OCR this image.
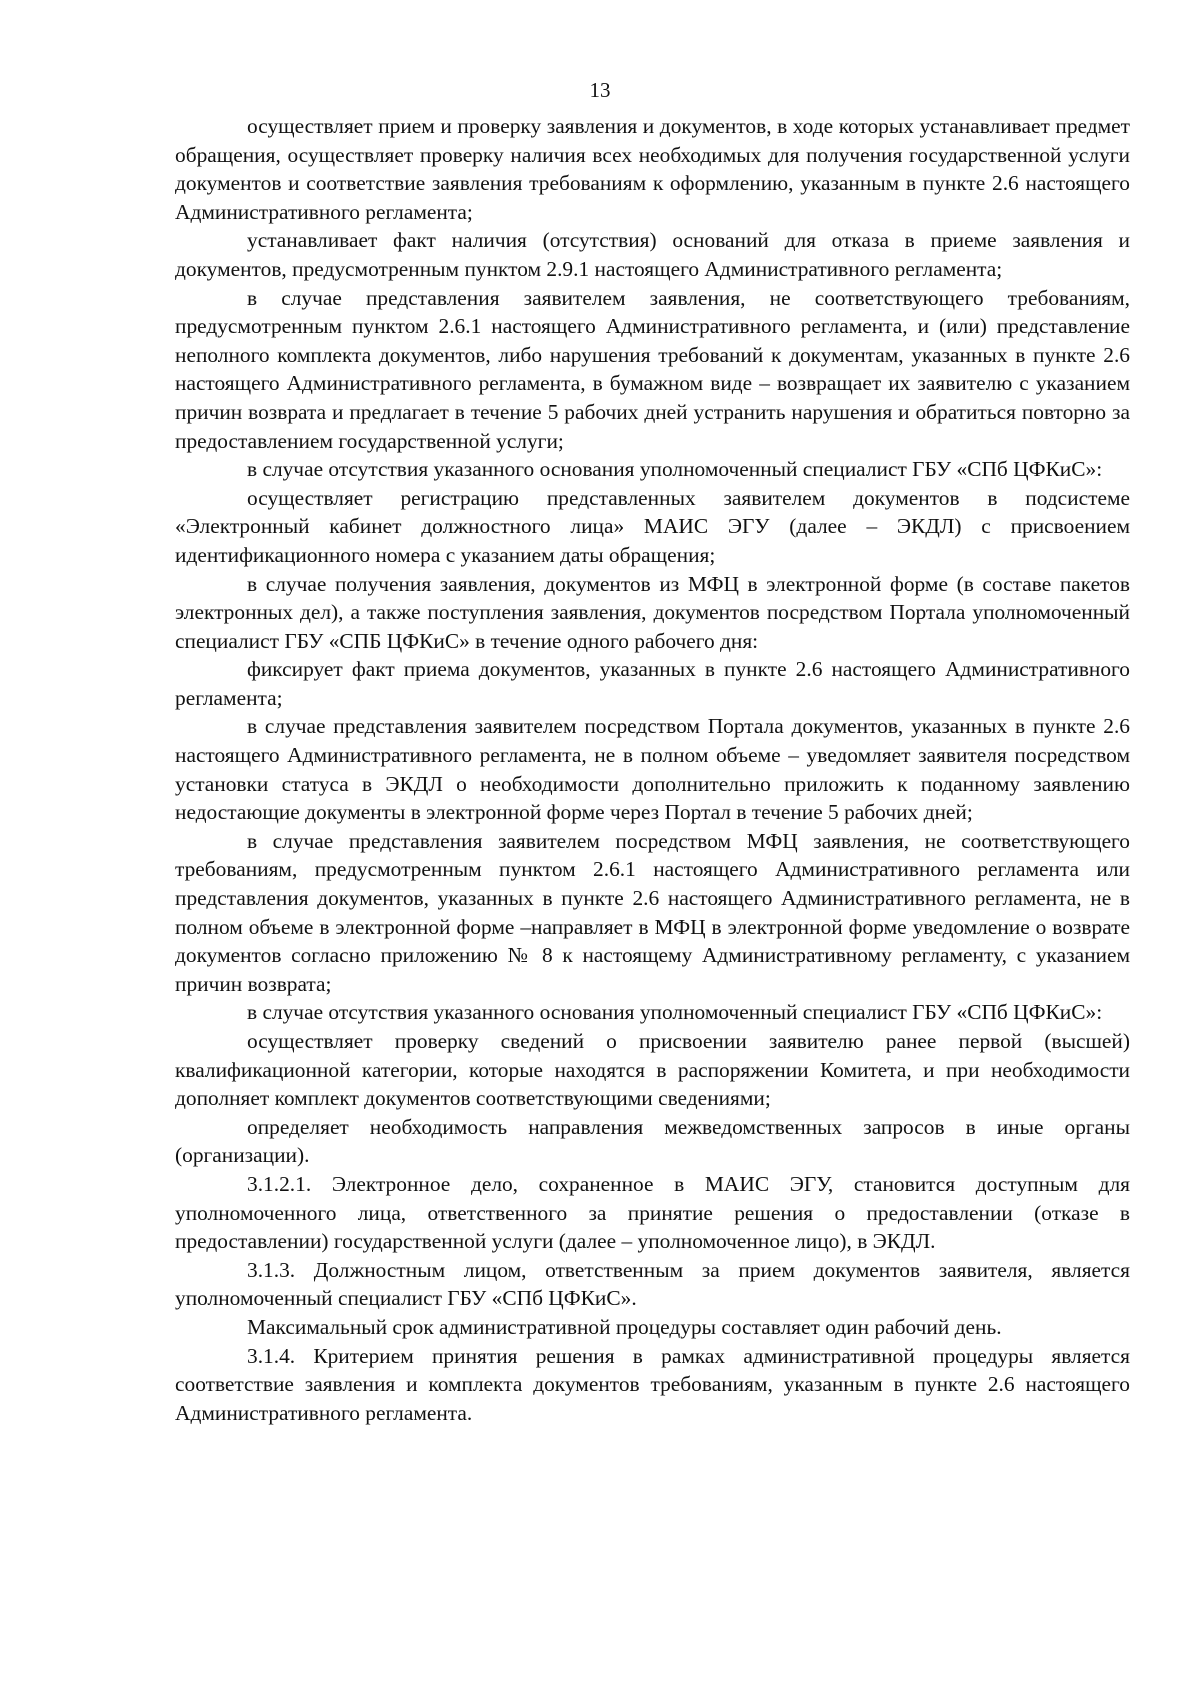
13

осуществляет прием и проверку заявления и документов, в ходе которых устанавливает предмет обращения, осуществляет проверку наличия всех необходимых для получения государственной услуги документов и соответствие заявления требованиям к оформлению, указанным в пункте 2.6 настоящего Административного регламента;

устанавливает факт наличия (отсутствия) оснований для отказа в приеме заявления и документов, предусмотренным пунктом 2.9.1 настоящего Административного регламента;

в случае представления заявителем заявления, не соответствующего требованиям, предусмотренным пунктом 2.6.1 настоящего Административного регламента, и (или) представление неполного комплекта документов, либо нарушения требований к документам, указанных в пункте 2.6 настоящего Административного регламента, в бумажном виде – возвращает их заявителю с указанием причин возврата и предлагает в течение 5 рабочих дней устранить нарушения и обратиться повторно за предоставлением государственной услуги;

в случае отсутствия указанного основания уполномоченный специалист ГБУ «СПб ЦФКиС»:

осуществляет регистрацию представленных заявителем документов в подсистеме «Электронный кабинет должностного лица» МАИС ЭГУ (далее – ЭКДЛ) с присвоением идентификационного номера с указанием даты обращения;

в случае получения заявления, документов из МФЦ в электронной форме (в составе пакетов электронных дел), а также поступления заявления, документов посредством Портала уполномоченный специалист ГБУ «СПБ ЦФКиС» в течение одного рабочего дня:

фиксирует факт приема документов, указанных в пункте 2.6 настоящего Административного регламента;

в случае представления заявителем посредством Портала документов, указанных в пункте 2.6 настоящего Административного регламента, не в полном объеме – уведомляет заявителя посредством установки статуса в ЭКДЛ о необходимости дополнительно приложить к поданному заявлению недостающие документы в электронной форме через Портал в течение 5 рабочих дней;

в случае представления заявителем посредством МФЦ заявления, не соответствующего требованиям, предусмотренным пунктом 2.6.1 настоящего Административного регламента или представления документов, указанных в пункте 2.6 настоящего Административного регламента, не в полном объеме в электронной форме –направляет в МФЦ в электронной форме уведомление о возврате документов согласно приложению № 8 к настоящему Административному регламенту, с указанием причин возврата;

в случае отсутствия указанного основания уполномоченный специалист ГБУ «СПб ЦФКиС»:

осуществляет проверку сведений о присвоении заявителю ранее первой (высшей) квалификационной категории, которые находятся в распоряжении Комитета, и при необходимости дополняет комплект документов соответствующими сведениями;

определяет необходимость направления межведомственных запросов в иные органы (организации).

3.1.2.1. Электронное дело, сохраненное в МАИС ЭГУ, становится доступным для уполномоченного лица, ответственного за принятие решения о предоставлении (отказе в предоставлении) государственной услуги (далее – уполномоченное лицо), в ЭКДЛ.

3.1.3. Должностным лицом, ответственным за прием документов заявителя, является уполномоченный специалист ГБУ «СПб ЦФКиС».

Максимальный срок административной процедуры составляет один рабочий день.

3.1.4. Критерием принятия решения в рамках административной процедуры является соответствие заявления и комплекта документов требованиям, указанным в пункте 2.6 настоящего Административного регламента.
